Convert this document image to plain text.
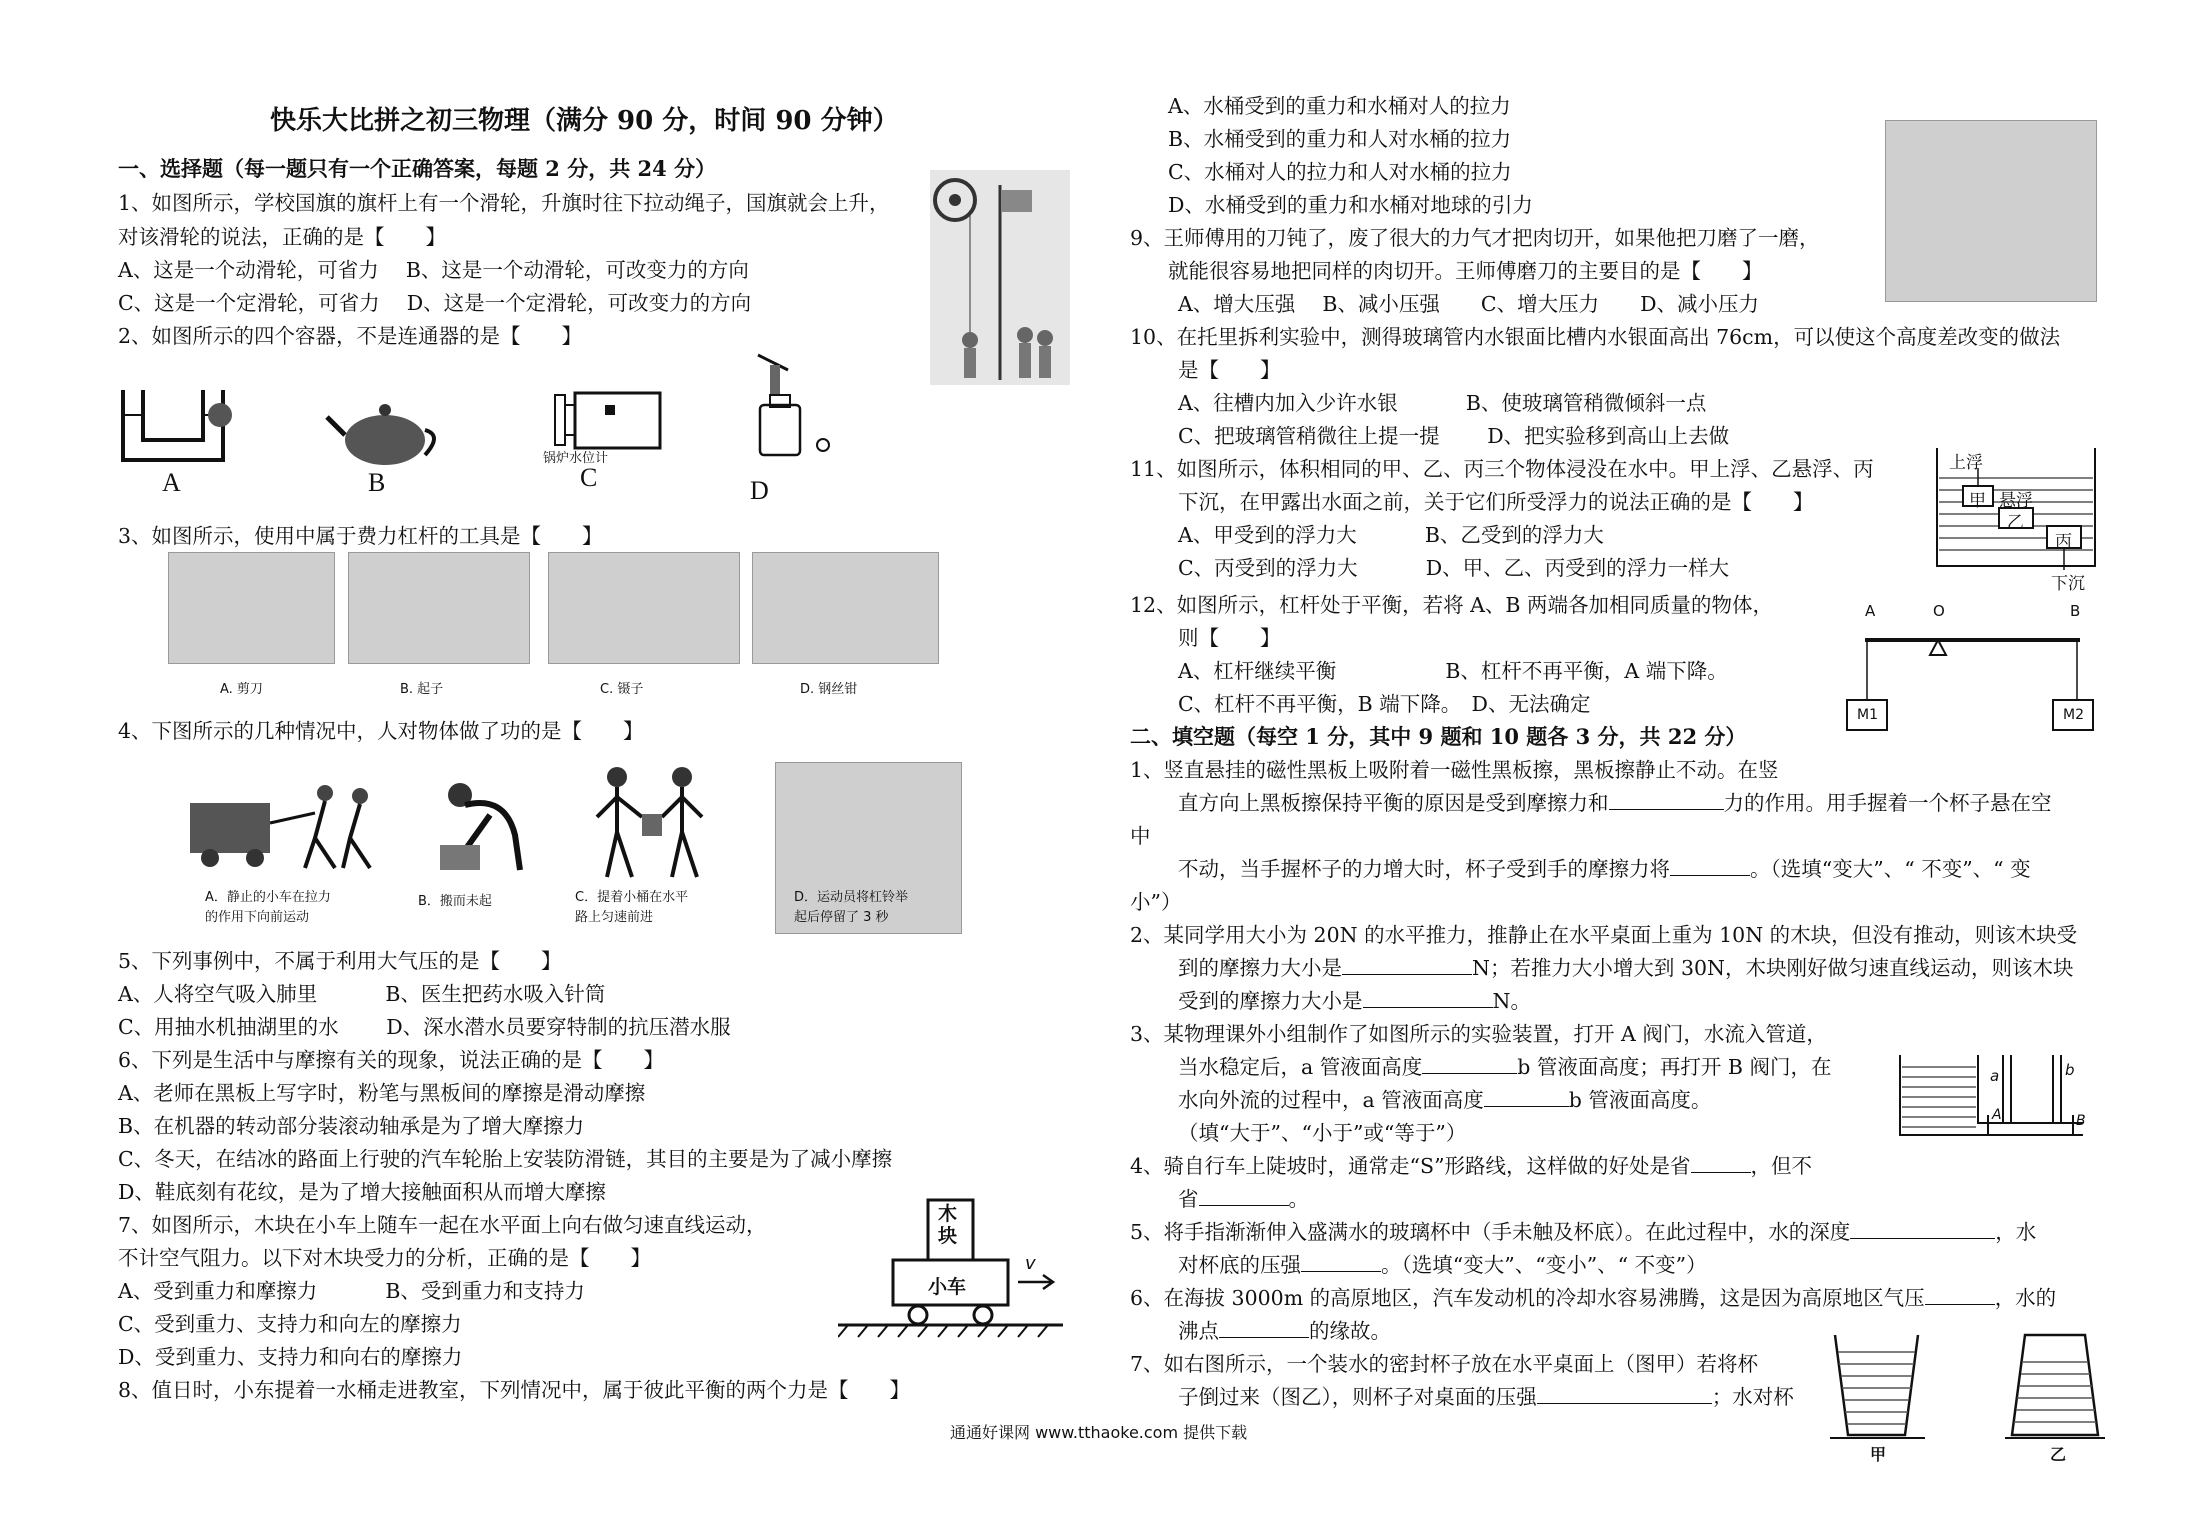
快乐大比拼之初三物理（满分 90 分，时间 90 分钟）
一、选择题（每一题只有一个正确答案，每题 2 分，共 24 分）
1、如图所示，学校国旗的旗杆上有一个滑轮，升旗时往下拉动绳子，国旗就会上升，
对该滑轮的说法，正确的是【　　】
A、这是一个动滑轮，可省力　 B、这是一个动滑轮，可改变力的方向
C、这是一个定滑轮，可省力　 D、这是一个定滑轮，可改变力的方向
2、如图所示的四个容器，不是连通器的是【　　】
A	B
锅炉水位计
C	D
3、如图所示，使用中属于费力杠杆的工具是【　　】
A. 剪刀	B. 起子	C. 镊子	D. 钢丝钳
4、下图所示的几种情况中，人对物体做了功的是【　　】
A．静止的小车在拉力
的作用下向前运动
B．搬而未起	C．提着小桶在水平
路上匀速前进
D．运动员将杠铃举
起后停留了 3 秒
5、下列事例中，不属于利用大气压的是【　　】
A、人将空气吸入肺里　　　 B、医生把药水吸入针筒
C、用抽水机抽湖里的水　　 D、深水潜水员要穿特制的抗压潜水服
6、下列是生活中与摩擦有关的现象，说法正确的是【　　】
A、老师在黑板上写字时，粉笔与黑板间的摩擦是滑动摩擦
B、在机器的转动部分装滚动轴承是为了增大摩擦力
C、冬天，在结冰的路面上行驶的汽车轮胎上安装防滑链，其目的主要是为了减小摩擦
D、鞋底刻有花纹，是为了增大接触面积从而增大摩擦
7、如图所示，木块在小车上随车一起在水平面上向右做匀速直线运动，
不计空气阻力。以下对木块受力的分析，正确的是【　　】
A、受到重力和摩擦力　　　 B、受到重力和支持力
C、受到重力、支持力和向左的摩擦力
D、受到重力、支持力和向右的摩擦力
木块
小车
v
8、值日时，小东提着一水桶走进教室，下列情况中，属于彼此平衡的两个力是【　　】
A、水桶受到的重力和水桶对人的拉力
B、水桶受到的重力和人对水桶的拉力
C、水桶对人的拉力和人对水桶的拉力
D、水桶受到的重力和水桶对地球的引力
9、王师傅用的刀钝了，废了很大的力气才把肉切开，如果他把刀磨了一磨，
就能很容易地把同样的肉切开。王师傅磨刀的主要目的是【　　】
A、增大压强　 B、减小压强　　C、增大压力　　D、减小压力
10、在托里拆利实验中，测得玻璃管内水银面比槽内水银面高出 76cm，可以使这个高度差改变的做法
是【　　】
A、往槽内加入少许水银　　　 B、使玻璃管稍微倾斜一点
C、把玻璃管稍微往上提一提　　 D、把实验移到高山上去做
11、如图所示，体积相同的甲、乙、丙三个物体浸没在水中。甲上浮、乙悬浮、丙
下沉，在甲露出水面之前，关于它们所受浮力的说法正确的是【　　】
A、甲受到的浮力大　　　 B、乙受到的浮力大
C、丙受到的浮力大　　　 D、甲、乙、丙受到的浮力一样大
上浮
甲 悬浮
乙
丙
下沉
12、如图所示，杠杆处于平衡，若将 A、B 两端各加相同质量的物体，
则【　　】
A、杠杆继续平衡　　　　　 B、杠杆不再平衡，A 端下降。
C、杠杆不再平衡，B 端下降。　D、无法确定
A	O	B
M1	M2
二、填空题（每空 1 分，其中 9 题和 10 题各 3 分，共 22 分）
1、竖直悬挂的磁性黑板上吸附着一磁性黑板擦，黑板擦静止不动。在竖
直方向上黑板擦保持平衡的原因是受到摩擦力和	力的作用。用手握着一个杯子悬在空
中
不动，当手握杯子的力增大时，杯子受到手的摩擦力将	。（选填“变大”、“ 不变”、“ 变
小”）
2、某同学用大小为 20N 的水平推力，推静止在水平桌面上重为 10N 的木块，但没有推动，则该木块受
到的摩擦力大小是	N；若推力大小增大到 30N，木块刚好做匀速直线运动，则该木块
受到的摩擦力大小是	N。
3、某物理课外小组制作了如图所示的实验装置，打开 A 阀门，水流入管道，
当水稳定后，a 管液面高度	b 管液面高度；再打开 B 阀门，在
水向外流的过程中，a 管液面高度	b 管液面高度。
（填“大于”、“小于”或“等于”）
a	b
A	B
4、骑自行车上陡坡时，通常走“S”形路线，这样做的好处是省	，但不
省	。
5、将手指渐渐伸入盛满水的玻璃杯中（手未触及杯底）。在此过程中，水的深度	，水
对杯底的压强	。（选填“变大”、“变小”、“ 不变”）
6、在海拔 3000m 的高原地区，汽车发动机的冷却水容易沸腾，这是因为高原地区气压	，水的
沸点	的缘故。
7、如右图所示，一个装水的密封杯子放在水平桌面上（图甲）若将杯
子倒过来（图乙），则杯子对桌面的压强	；水对杯
甲	乙
通通好课网 www.tthaoke.com 提供下载
